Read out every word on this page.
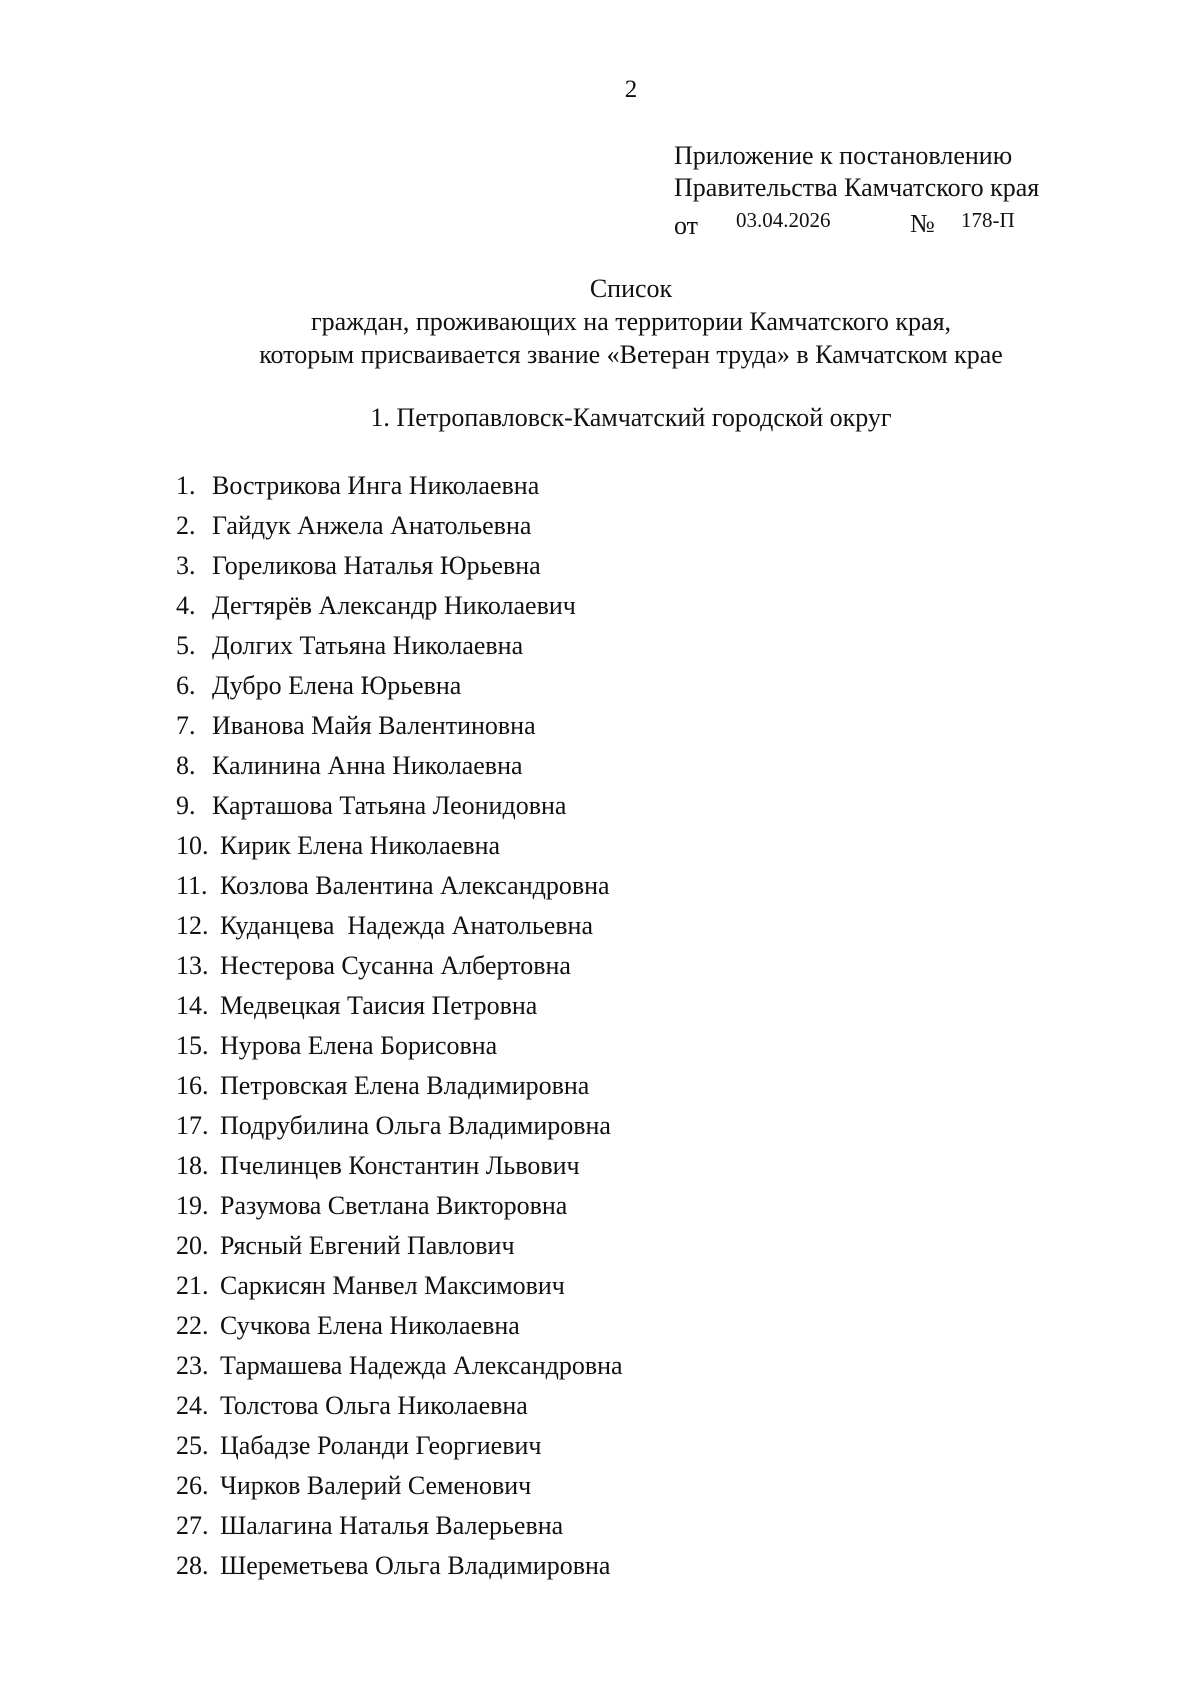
2
Приложение к постановлению
Правительства Камчатского края
от 03.04.2026	№ 178-П
Список
граждан, проживающих на территории Камчатского края,
которым присваивается звание «Ветеран труда» в Камчатском крае
1. Петропавловск-Камчатский городской округ
1. Вострикова Инга Николаевна
2. Гайдук Анжела Анатольевна
3. Гореликова Наталья Юрьевна
4. Дегтярёв Александр Николаевич
5. Долгих Татьяна Николаевна
6. Дубро Елена Юрьевна
7. Иванова Майя Валентиновна
8. Калинина Анна Николаевна
9. Карташова Татьяна Леонидовна
10. Кирик Елена Николаевна
11. Козлова Валентина Александровна
12. Куданцева  Надежда Анатольевна
13. Нестерова Сусанна Албертовна
14. Медвецкая Таисия Петровна
15. Нурова Елена Борисовна
16. Петровская Елена Владимировна
17. Подрубилина Ольга Владимировна
18. Пчелинцев Константин Львович
19. Разумова Светлана Викторовна
20. Рясный Евгений Павлович
21. Саркисян Манвел Максимович
22. Сучкова Елена Николаевна
23. Тармашева Надежда Александровна
24. Толстова Ольга Николаевна
25. Цабадзе Роланди Георгиевич
26. Чирков Валерий Семенович
27. Шалагина Наталья Валерьевна
28. Шереметьева Ольга Владимировна
